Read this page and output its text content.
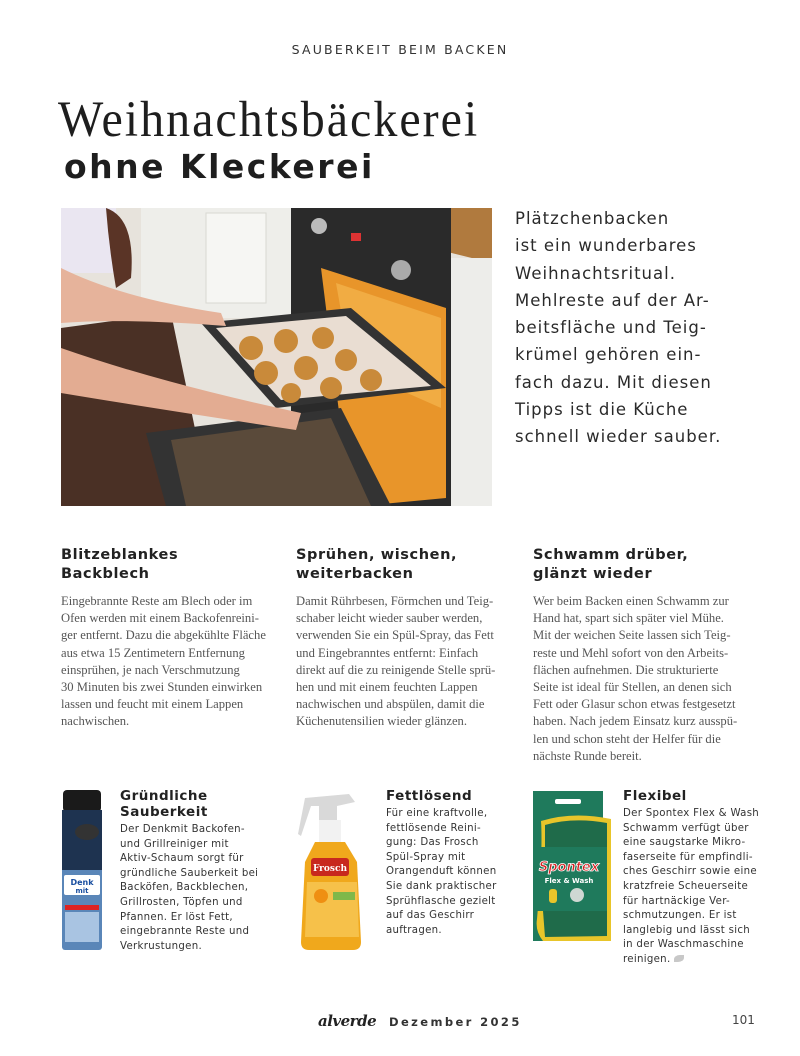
SAUBERKEIT BEIM BACKEN
Weihnachtsbäckerei
ohne Kleckerei
Plätzchenbacken
ist ein wunderbares
Weihnachtsritual.
Mehlreste auf der Ar-
beitsfläche und Teig-
krümel gehören ein-
fach dazu. Mit diesen
Tipps ist die Küche
schnell wieder sauber.
Blitzeblankes
Backblech
Eingebrannte Reste am Blech oder im
Ofen werden mit einem Backofenreini-
ger entfernt. Dazu die abgekühlte Fläche
aus etwa 15 Zentimetern Entfernung
einsprühen, je nach Verschmutzung
30 Minuten bis zwei Stunden einwirken
lassen und feucht mit einem Lappen
nachwischen.
Sprühen, wischen,
weiterbacken
Damit Rührbesen, Förmchen und Teig-
schaber leicht wieder sauber werden,
verwenden Sie ein Spül-Spray, das Fett
und Eingebranntes entfernt: Einfach
direkt auf die zu reinigende Stelle sprü-
hen und mit einem feuchten Lappen
nachwischen und abspülen, damit die
Küchenutensilien wieder glänzen.
Schwamm drüber,
glänzt wieder
Wer beim Backen einen Schwamm zur
Hand hat, spart sich später viel Mühe.
Mit der weichen Seite lassen sich Teig-
reste und Mehl sofort von den Arbeits-
flächen aufnehmen. Die strukturierte
Seite ist ideal für Stellen, an denen sich
Fett oder Glasur schon etwas festgesetzt
haben. Nach jedem Einsatz kurz ausspü-
len und schon steht der Helfer für die
nächste Runde bereit.
Denk
mit
Frosch	Spontex
Flex & Wash
Gründliche
Sauberkeit
Der Denkmit Backofen-
und Grillreiniger mit
Aktiv-Schaum sorgt für
gründliche Sauberkeit bei
Backöfen, Backblechen,
Grillrosten, Töpfen und
Pfannen. Er löst Fett,
eingebrannte Reste und
Verkrustungen.
Fettlösend
Für eine kraftvolle,
fettlösende Reini-
gung: Das Frosch
Spül-Spray mit
Orangenduft können
Sie dank praktischer
Sprühflasche gezielt
auf das Geschirr
auftragen.
Flexibel
Der Spontex Flex & Wash
Schwamm verfügt über
eine saugstarke Mikro-
faserseite für empfindli-
ches Geschirr sowie eine
kratzfreie Scheuerseite
für hartnäckige Ver-
schmutzungen. Er ist
langlebig und lässt sich
in der Waschmaschine
reinigen.
alverde Dezember 2025	101
